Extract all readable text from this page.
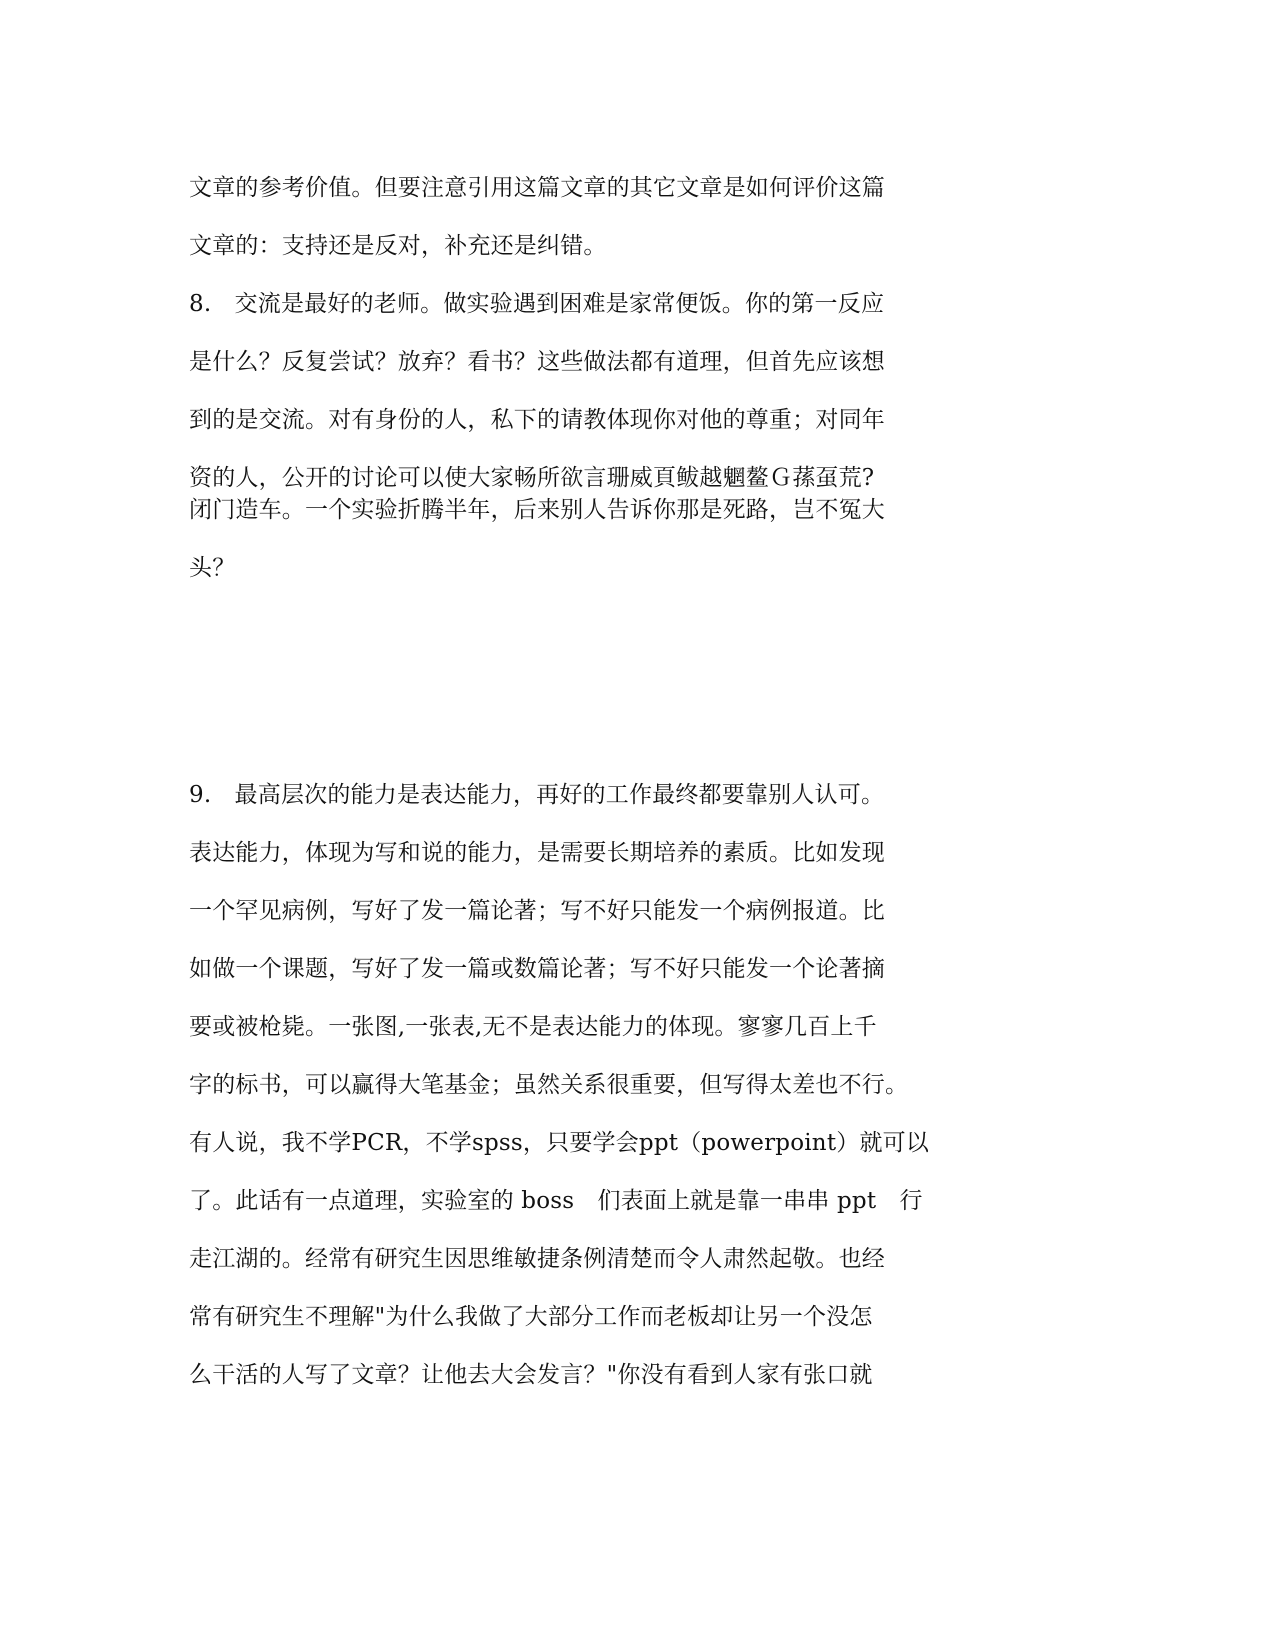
文章的参考价值。但要注意引用这篇文章的其它文章是如何评价这篇
文章的：支持还是反对，补充还是纠错。
8.　交流是最好的老师。做实验遇到困难是家常便饭。你的第一反应
是什么？反复尝试？放弃？看书？这些做法都有道理，但首先应该想
到的是交流。对有身份的人，私下的请教体现你对他的尊重；对同年
资的人，公开的讨论可以使大家畅所欲言珊威頁鲅越魍鳌Ｇ蓀虿荒?
闭门造车。一个实验折腾半年，后来别人告诉你那是死路，岂不冤大
头？
9.　最高层次的能力是表达能力，再好的工作最终都要靠别人认可。
表达能力，体现为写和说的能力，是需要长期培养的素质。比如发现
一个罕见病例，写好了发一篇论著；写不好只能发一个病例报道。比
如做一个课题，写好了发一篇或数篇论著；写不好只能发一个论著摘
要或被枪毙。一张图,一张表,无不是表达能力的体现。寥寥几百上千
字的标书，可以赢得大笔基金；虽然关系很重要，但写得太差也不行。
有人说，我不学PCR，不学spss，只要学会ppt（powerpoint）就可以
了。此话有一点道理，实验室的 boss　们表面上就是靠一串串 ppt　行
走江湖的。经常有研究生因思维敏捷条例清楚而令人肃然起敬。也经
常有研究生不理解"为什么我做了大部分工作而老板却让另一个没怎
么干活的人写了文章？让他去大会发言？"你没有看到人家有张口就
